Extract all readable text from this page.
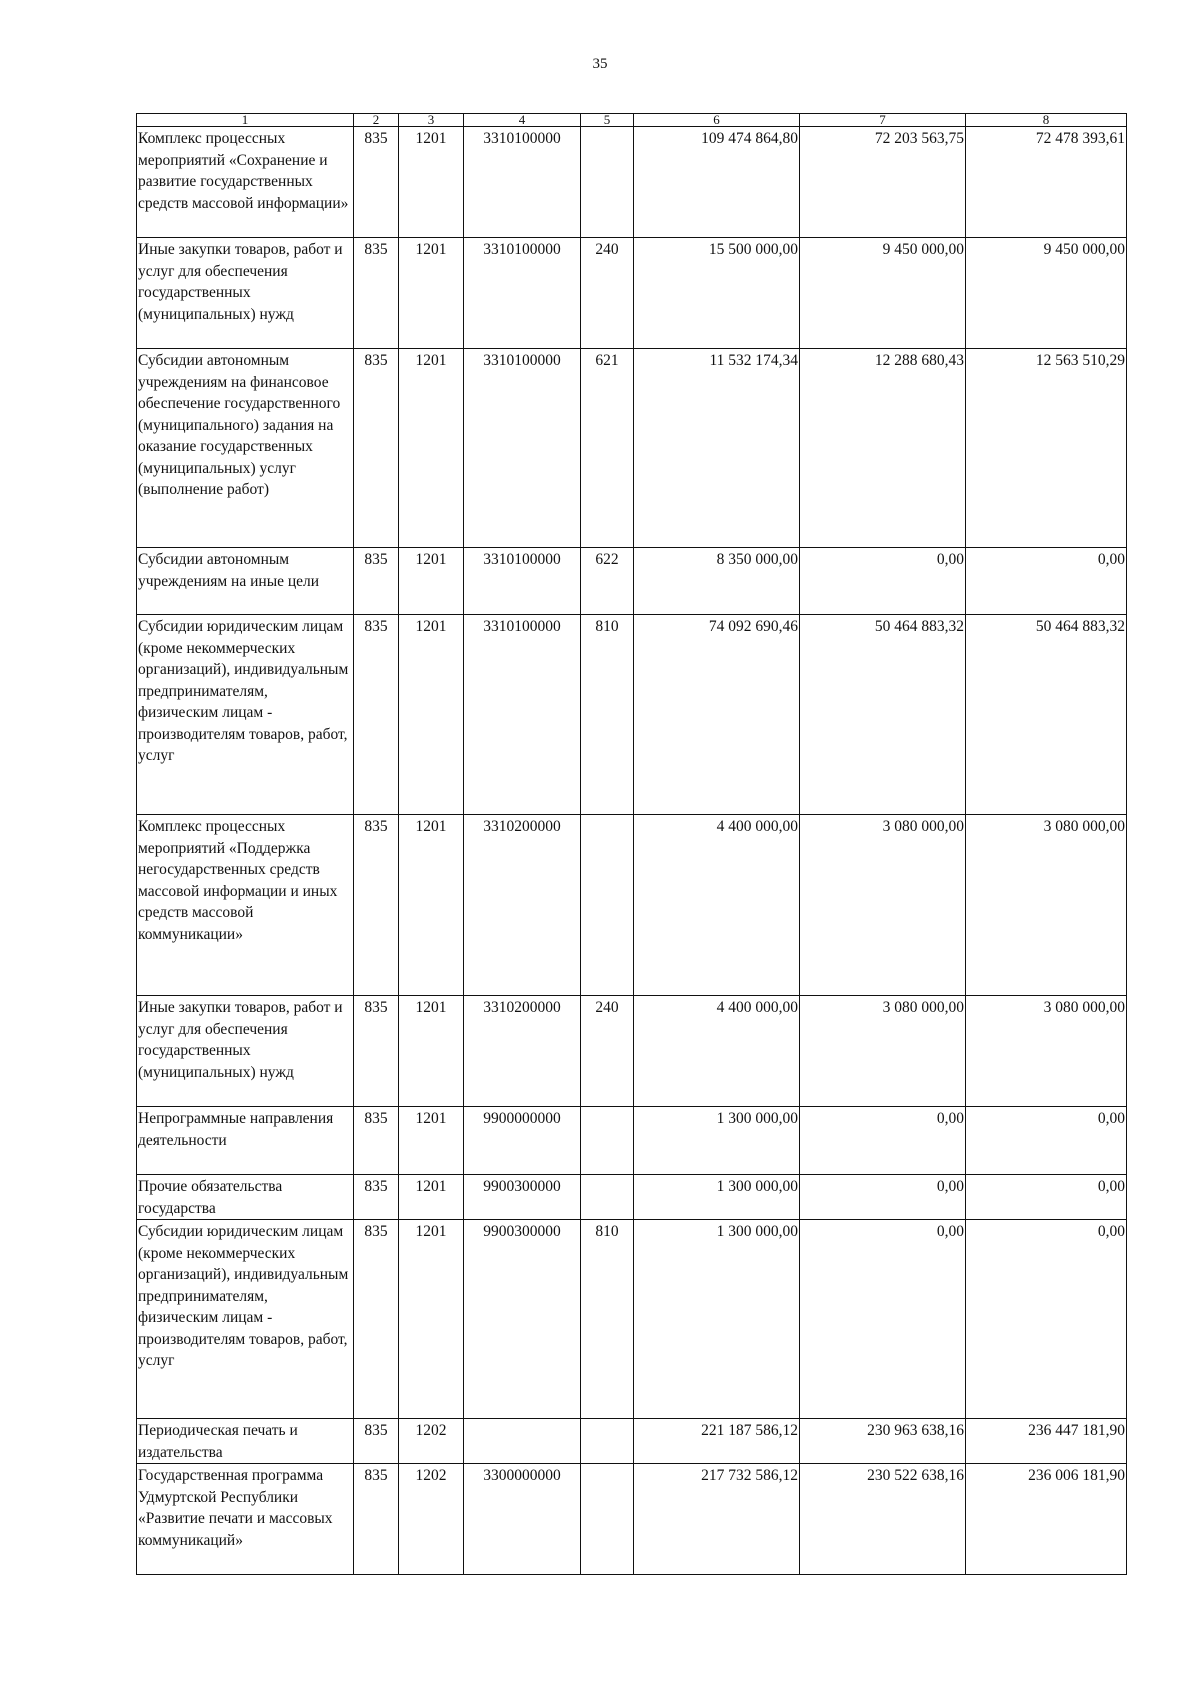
35
1	2	3	4	5	6	7	8
Комплекс процессных мероприятий «Сохранение и развитие государственных средств массовой информации»	835	1201	3310100000		109 474 864,80	72 203 563,75	72 478 393,61
Иные закупки товаров, работ и услуг для обеспечения государственных (муниципальных) нужд	835	1201	3310100000	240	15 500 000,00	9 450 000,00	9 450 000,00
Субсидии автономным учреждениям на финансовое обеспечение государственного (муниципального) задания на оказание государственных (муниципальных) услуг (выполнение работ)	835	1201	3310100000	621	11 532 174,34	12 288 680,43	12 563 510,29
Субсидии автономным учреждениям на иные цели	835	1201	3310100000	622	8 350 000,00	0,00	0,00
Субсидии юридическим лицам (кроме некоммерческих организаций), индивидуальным предпринимателям, физическим лицам - производителям товаров, работ, услуг	835	1201	3310100000	810	74 092 690,46	50 464 883,32	50 464 883,32
Комплекс процессных мероприятий «Поддержка негосударственных средств массовой информации и иных средств массовой коммуникации»	835	1201	3310200000		4 400 000,00	3 080 000,00	3 080 000,00
Иные закупки товаров, работ и услуг для обеспечения государственных (муниципальных) нужд	835	1201	3310200000	240	4 400 000,00	3 080 000,00	3 080 000,00
Непрограммные направления деятельности	835	1201	9900000000		1 300 000,00	0,00	0,00
Прочие обязательства государства	835	1201	9900300000		1 300 000,00	0,00	0,00
Субсидии юридическим лицам (кроме некоммерческих организаций), индивидуальным предпринимателям, физическим лицам - производителям товаров, работ, услуг	835	1201	9900300000	810	1 300 000,00	0,00	0,00
Периодическая печать и издательства	835	1202			221 187 586,12	230 963 638,16	236 447 181,90
Государственная программа Удмуртской Республики «Развитие печати и массовых коммуникаций»	835	1202	3300000000		217 732 586,12	230 522 638,16	236 006 181,90
